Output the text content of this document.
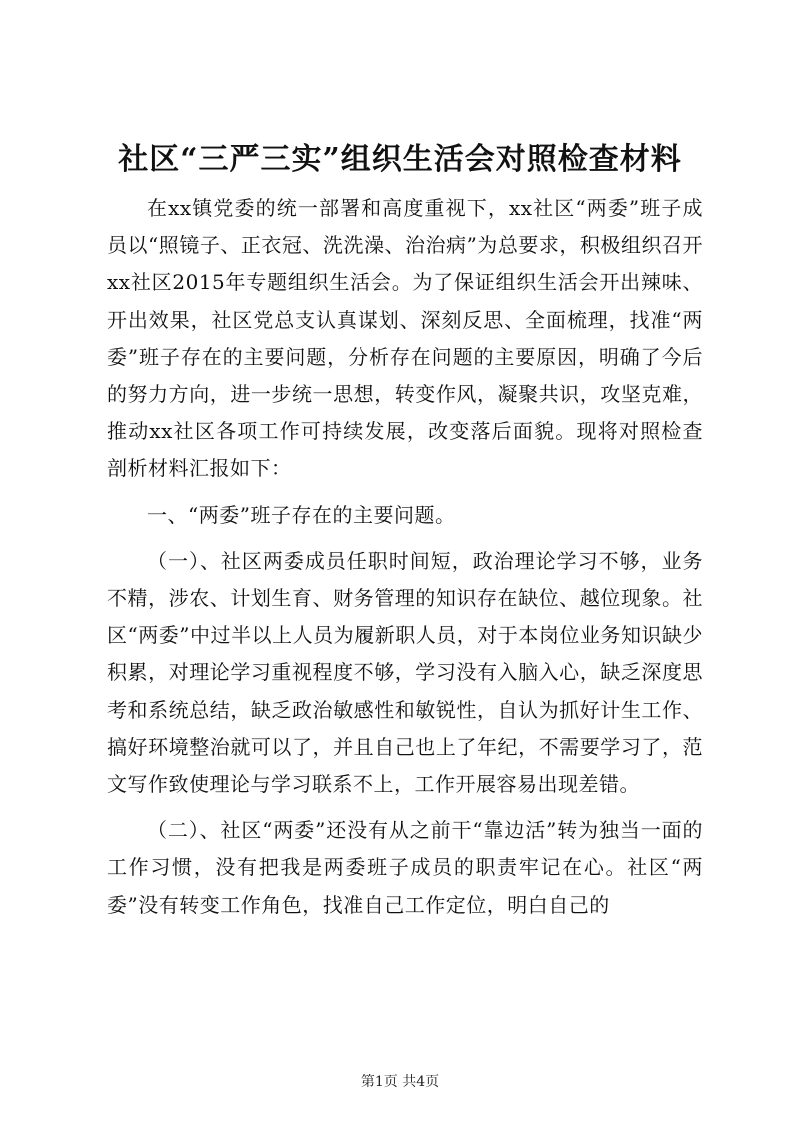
社区“三严三实”组织生活会对照检查材料

在xx镇党委的统一部署和高度重视下，xx社区“两委”班子成员以“照镜子、正衣冠、洗洗澡、治治病”为总要求，积极组织召开xx社区2015年专题组织生活会。为了保证组织生活会开出辣味、开出效果，社区党总支认真谋划、深刻反思、全面梳理，找准“两委”班子存在的主要问题，分析存在问题的主要原因，明确了今后的努力方向，进一步统一思想，转变作风，凝聚共识，攻坚克难，推动xx社区各项工作可持续发展，改变落后面貌。现将对照检查剖析材料汇报如下：

一、“两委”班子存在的主要问题。

（一）、社区两委成员任职时间短，政治理论学习不够，业务不精，涉农、计划生育、财务管理的知识存在缺位、越位现象。社区“两委”中过半以上人员为履新职人员，对于本岗位业务知识缺少积累，对理论学习重视程度不够，学习没有入脑入心，缺乏深度思考和系统总结，缺乏政治敏感性和敏锐性，自认为抓好计生工作、搞好环境整治就可以了，并且自己也上了年纪，不需要学习了，范文写作致使理论与学习联系不上，工作开展容易出现差错。

（二）、社区“两委”还没有从之前干“靠边活”转为独当一面的工作习惯，没有把我是两委班子成员的职责牢记在心。社区“两委”没有转变工作角色，找准自己工作定位，明白自己的

第1页 共4页
